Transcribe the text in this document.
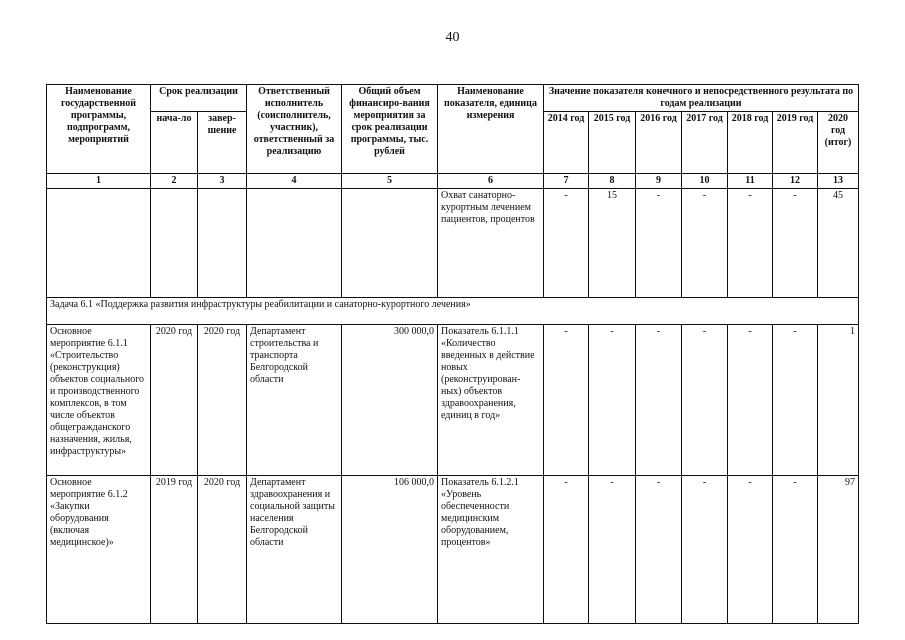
40
Наименование государственной программы, подпрограмм, мероприятий	Срок реализации		Ответственный исполнитель (соисполнитель, участник), ответственный за реализацию	Общий объем финансиро-вания мероприятия за срок реализации программы, тыс. рублей	Наименование показателя, единица измерения	Значение показателя конечного и непосредственного результата по годам реализации						
	нача-ло	завер-шение				2014 год	2015 год	2016 год	2017 год	2018 год	2019 год	2020 год (итог)
1	2	3	4	5	6	7	8	9	10	11	12	13
					Охват санаторно-курортным лечением пациентов, процентов	-	15	-	-	-	-	45
Задача 6.1 «Поддержка развития инфраструктуры реабилитации и санаторно-курортного лечения»												
Основное мероприятие 6.1.1 «Строительство (реконструкция) объектов социального и производственного комплексов, в том числе объектов общегражданского назначения, жилья, инфраструктуры»	2020 год	2020 год	Департамент строительства и транспорта Белгородской области	300 000,0	Показатель 6.1.1.1 «Количество введенных в действие новых (реконструирован-ных) объектов здравоохранения, единиц в год»	-	-	-	-	-	-	1
Основное мероприятие 6.1.2 «Закупки оборудования (включая медицинское)»	2019 год	2020 год	Департамент здравоохранения и социальной защиты населения Белгородской области	106 000,0	Показатель 6.1.2.1 «Уровень обеспеченности медицинским оборудованием, процентов»	-	-	-	-	-	-	97
